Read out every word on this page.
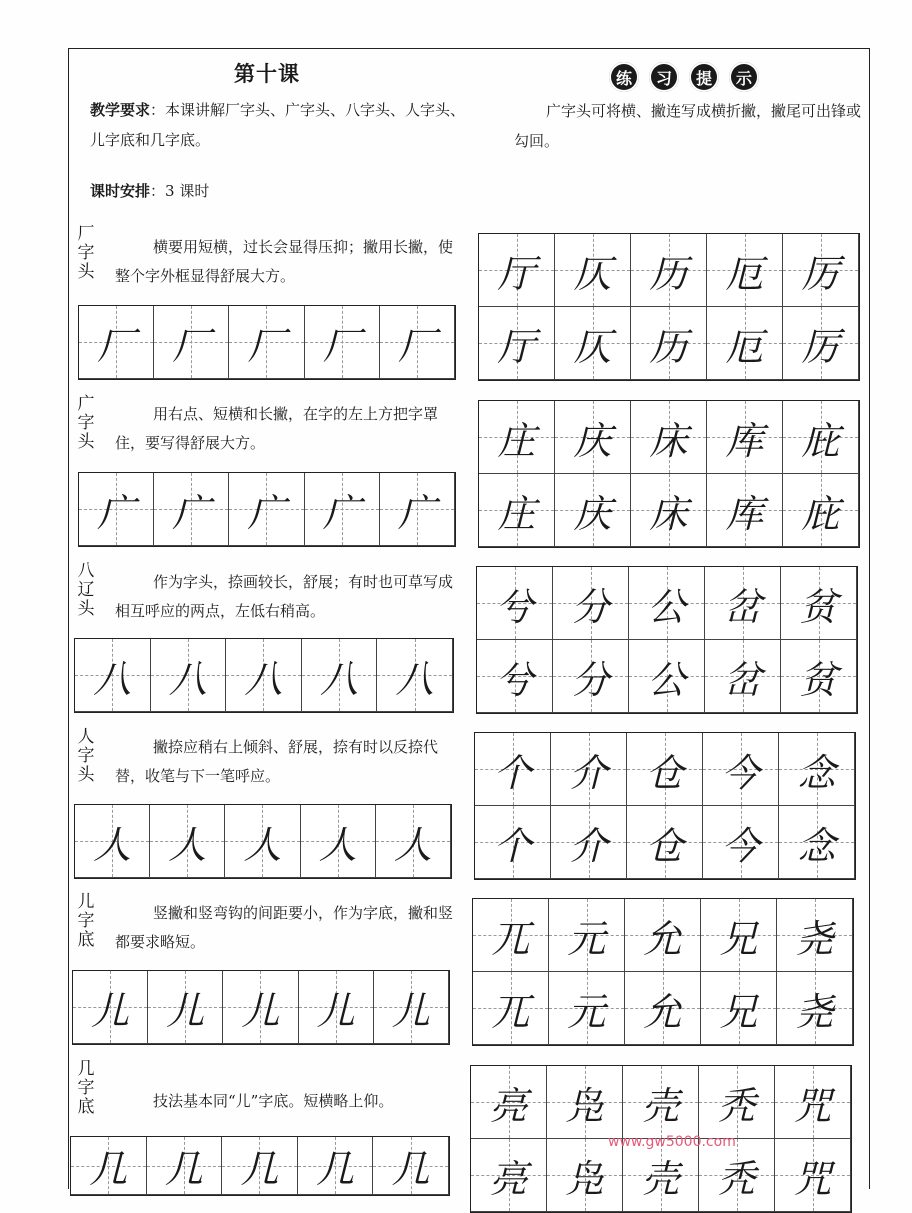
第十课
教学要求：本课讲解厂字头、广字头、八字头、人字头、儿字底和几字底。
课时安排：3 课时
练	习	提	示
广字头可将横、撇连写成横折撇，撇尾可出锋或勾回。
厂
字
头
横要用短横，过长会显得压抑；撇用长撇，使整个字外框显得舒展大方。
厂 厂 厂 厂 厂
厅 仄 历 厄 厉
厅 仄 历 厄 厉
广
字
头
用右点、短横和长撇，在字的左上方把字罩住，要写得舒展大方。
广 广 广 广 广
庄 庆 床 库 庇
庄 庆 床 库 庇
八
辽
头
作为字头，捺画较长，舒展；有时也可草写成相互呼应的两点，左低右稍高。
八 八 八 八 八
兮 分 公 岔 贫
兮 分 公 岔 贫
人
字
头
撇捺应稍右上倾斜、舒展，捺有时以反捺代替，收笔与下一笔呼应。
人 人 人 人 人
个 介 仓 今 念
个 介 仓 今 念
儿
字
底
竖撇和竖弯钩的间距要小，作为字底，撇和竖都要求略短。
儿 儿 儿 儿 儿
兀 元 允 兄 尧
兀 元 允 兄 尧
几
字
底	技法基本同“儿”字底。短横略上仰。
几 几 几 几 几
亮 凫 壳 秃 咒
亮 凫 壳 秃 咒
www.gw5000.com
